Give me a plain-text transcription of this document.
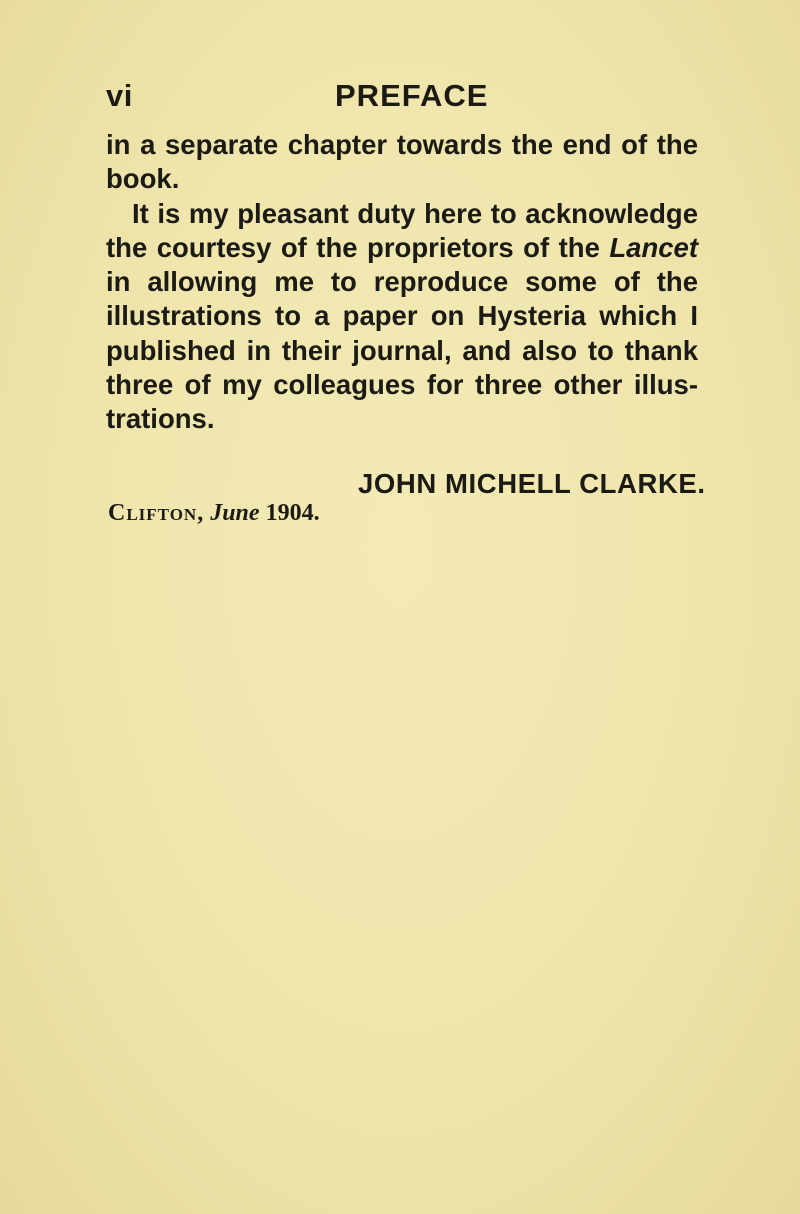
vi	PREFACE
in a separate chapter towards the end of the
book.
It is my pleasant duty here to acknowledge
the courtesy of the proprietors of the Lancet
in allowing me to reproduce some of the
illustrations to a paper on Hysteria which I
published in their journal, and also to thank
three of my colleagues for three other illus-
trations.
JOHN MICHELL CLARKE.
Clifton, June 1904.
